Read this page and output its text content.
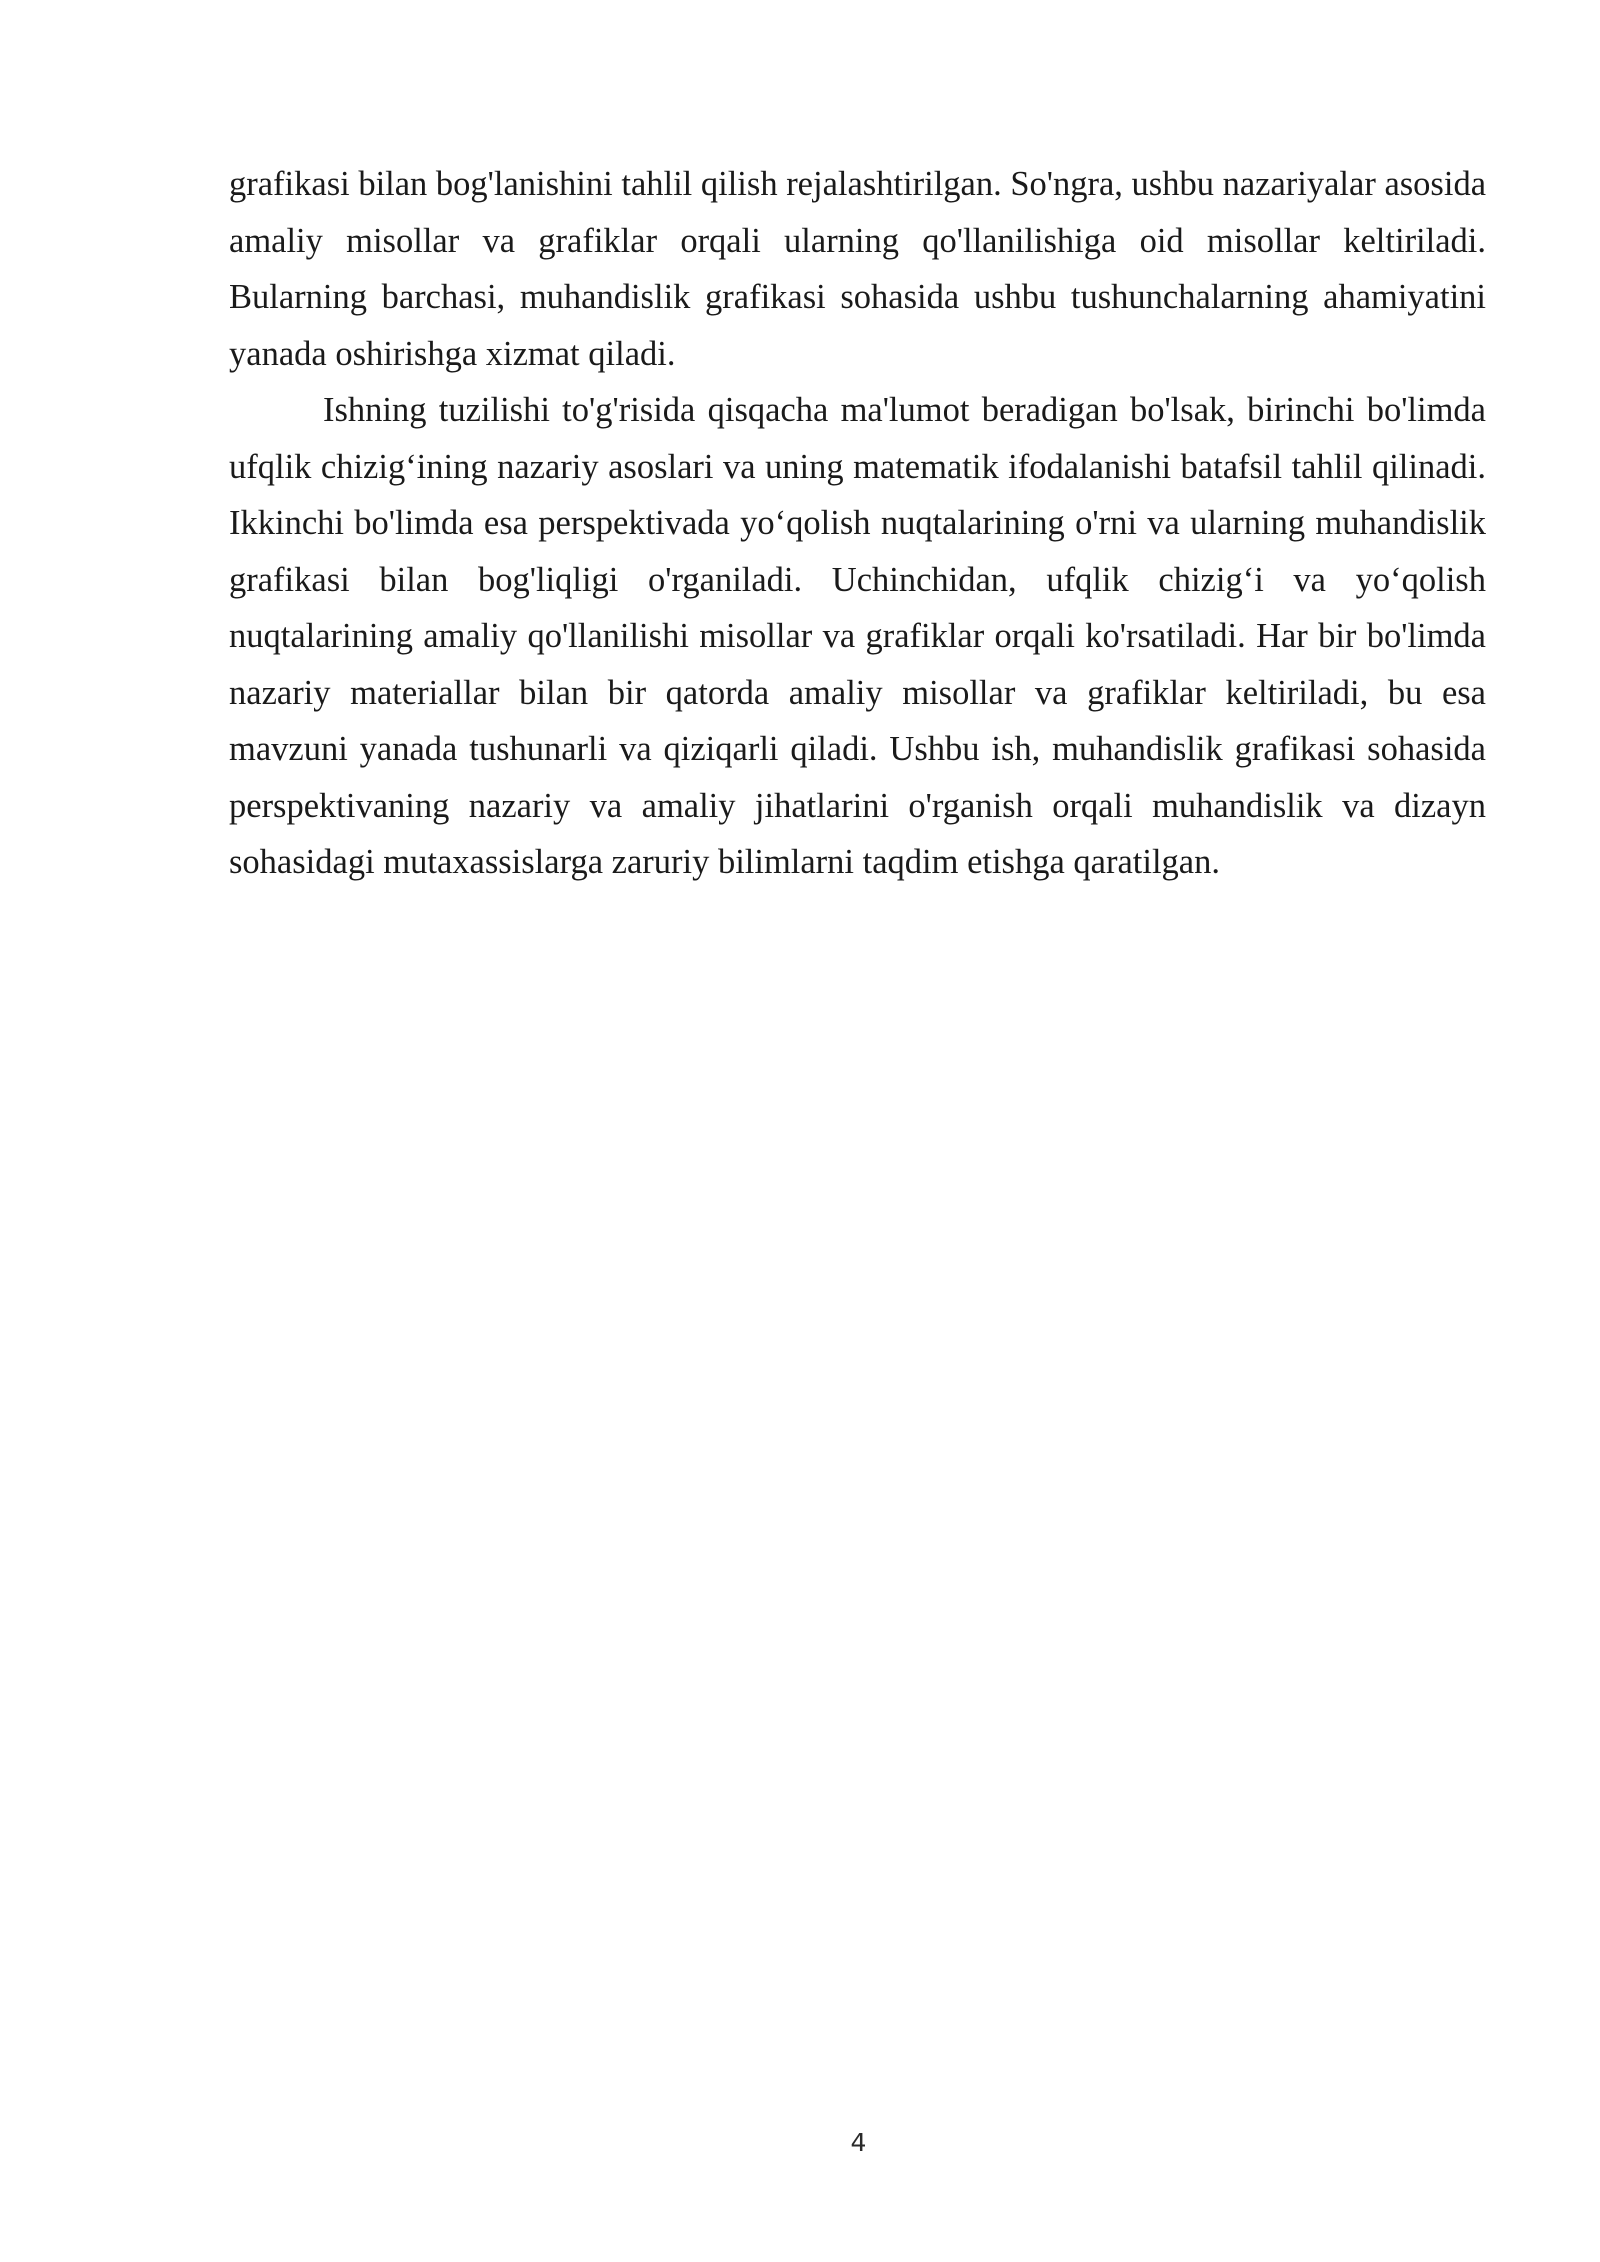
grafikasi bilan bog'lanishini tahlil qilish rejalashtirilgan. So'ngra, ushbu nazariyalar asosida amaliy misollar va grafiklar orqali ularning qo'llanilishiga oid misollar keltiriladi. Bularning barchasi, muhandislik grafikasi sohasida ushbu tushunchalarning ahamiyatini yanada oshirishga xizmat qiladi.

Ishning tuzilishi to'g'risida qisqacha ma'lumot beradigan bo'lsak, birinchi bo'limda ufqlik chizig‘ining nazariy asoslari va uning matematik ifodalanishi batafsil tahlil qilinadi. Ikkinchi bo'limda esa perspektivada yo‘qolish nuqtalarining o'rni va ularning muhandislik grafikasi bilan bog'liqligi o'rganiladi. Uchinchidan, ufqlik chizig‘i va yo‘qolish nuqtalarining amaliy qo'llanilishi misollar va grafiklar orqali ko'rsatiladi. Har bir bo'limda nazariy materiallar bilan bir qatorda amaliy misollar va grafiklar keltiriladi, bu esa mavzuni yanada tushunarli va qiziqarli qiladi. Ushbu ish, muhandislik grafikasi sohasida perspektivaning nazariy va amaliy jihatlarini o'rganish orqali muhandislik va dizayn sohasidagi mutaxassislarga zaruriy bilimlarni taqdim etishga qaratilgan.

4
